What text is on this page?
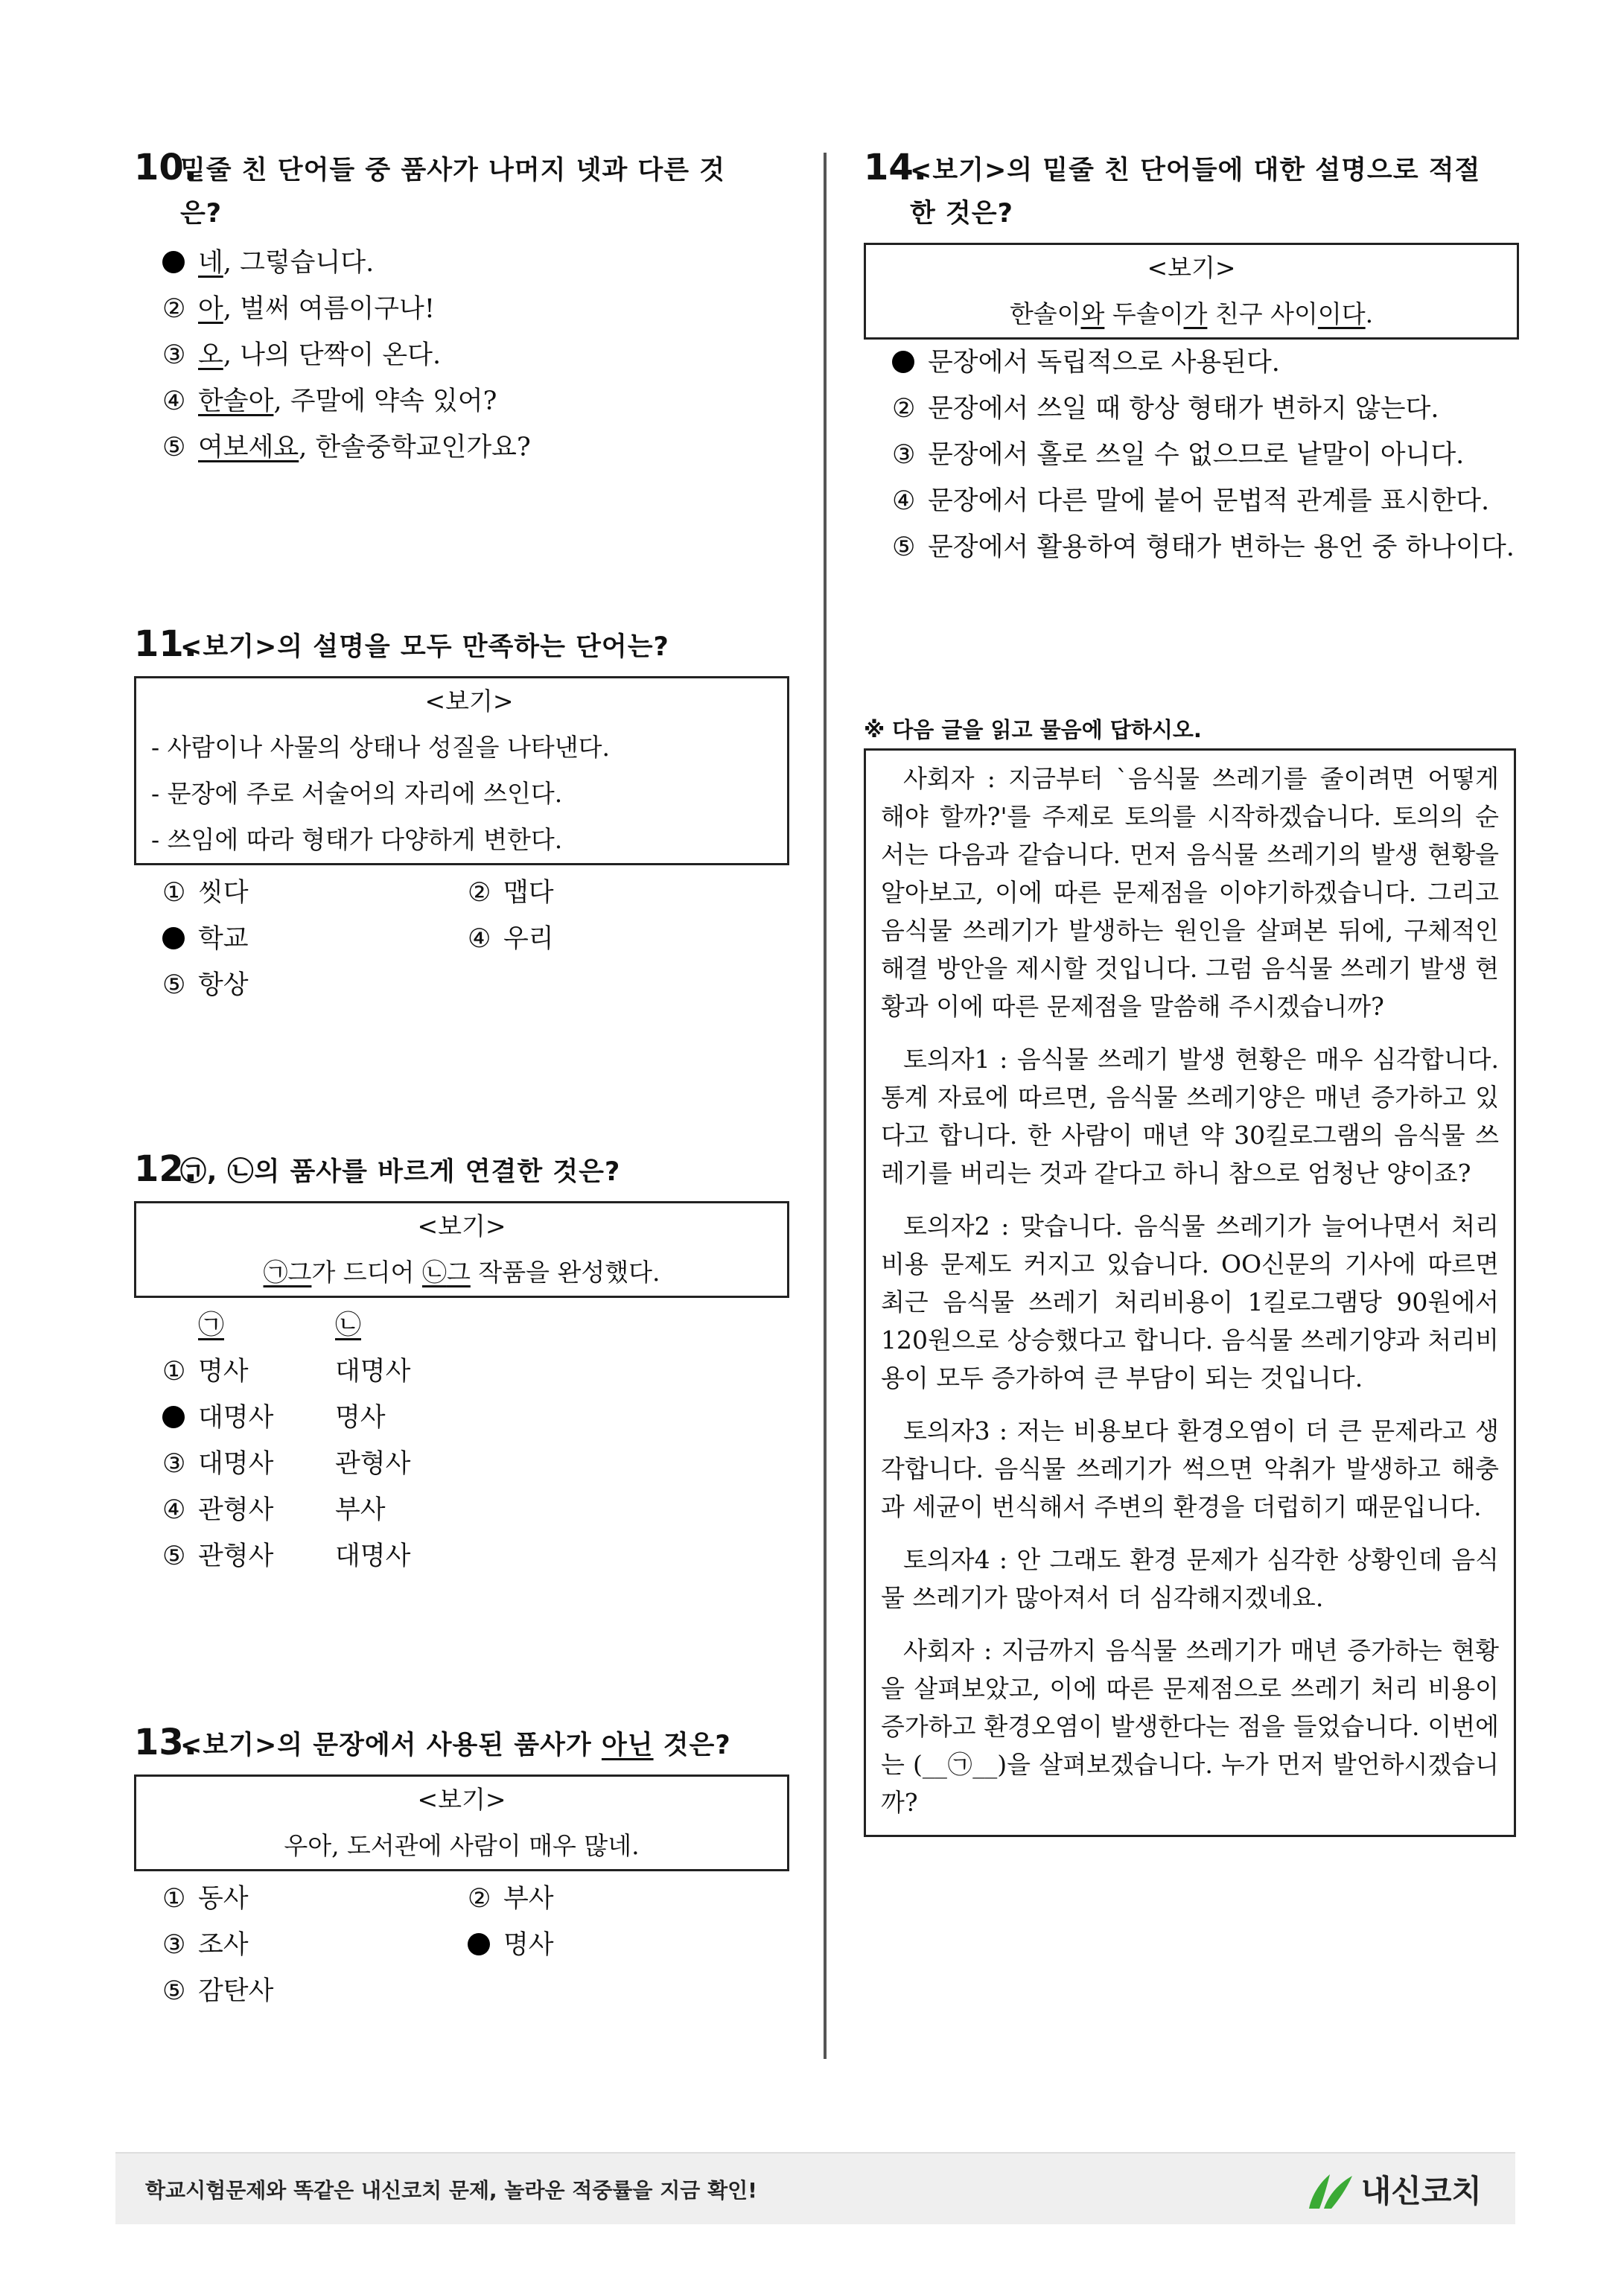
10.
밑줄 친 단어들 중 품사가 나머지 넷과 다른 것
은?
네, 그렇습니다.
② 아, 벌써 여름이구나!
③ 오, 나의 단짝이 온다.
④ 한솔아, 주말에 약속 있어?
⑤ 여보세요, 한솔중학교인가요?
11.
<보기>의 설명을 모두 만족하는 단어는?
<보기>
- 사람이나 사물의 상태나 성질을 나타낸다.
- 문장에 주로 서술어의 자리에 쓰인다.
- 쓰임에 따라 형태가 다양하게 변한다.
① 씻다	② 맵다
학교	④ 우리
⑤ 항상
12.
㉠, ㉡의 품사를 바르게 연결한 것은?
<보기>
㉠그가 드디어 ㉡그 작품을 완성했다.
㉠	㉡
① 명사	대명사
대명사	명사
③ 대명사	관형사
④ 관형사	부사
⑤ 관형사	대명사
13.
<보기>의 문장에서 사용된 품사가 아닌 것은?
<보기>
우아, 도서관에 사람이 매우 많네.
① 동사	② 부사
③ 조사	명사
⑤ 감탄사
14.
<보기>의 밑줄 친 단어들에 대한 설명으로 적절
한 것은?
<보기>
한솔이와 두솔이가 친구 사이이다.
문장에서 독립적으로 사용된다.
② 문장에서 쓰일 때 항상 형태가 변하지 않는다.
③ 문장에서 홀로 쓰일 수 없으므로 낱말이 아니다.
④ 문장에서 다른 말에 붙어 문법적 관계를 표시한다.
⑤ 문장에서 활용하여 형태가 변하는 용언 중 하나이다.
※ 다음 글을 읽고 물음에 답하시오.

사회자 : 지금부터 `음식물 쓰레기를 줄이려면 어떻게 해야 할까?'를 주제로 토의를 시작하겠습니다. 토의의 순서는 다음과 같습니다. 먼저 음식물 쓰레기의 발생 현황을 알아보고, 이에 따른 문제점을 이야기하겠습니다. 그리고 음식물 쓰레기가 발생하는 원인을 살펴본 뒤에, 구체적인 해결 방안을 제시할 것입니다. 그럼 음식물 쓰레기 발생 현황과 이에 따른 문제점을 말씀해 주시겠습니까?

토의자1 : 음식물 쓰레기 발생 현황은 매우 심각합니다. 통계 자료에 따르면, 음식물 쓰레기양은 매년 증가하고 있다고 합니다. 한 사람이 매년 약 30킬로그램의 음식물 쓰레기를 버리는 것과 같다고 하니 참으로 엄청난 양이죠?

토의자2 : 맞습니다. 음식물 쓰레기가 늘어나면서 처리 비용 문제도 커지고 있습니다. OO신문의 기사에 따르면 최근 음식물 쓰레기 처리비용이 1킬로그램당 90원에서 120원으로 상승했다고 합니다. 음식물 쓰레기양과 처리비용이 모두 증가하여 큰 부담이 되는 것입니다.

토의자3 : 저는 비용보다 환경오염이 더 큰 문제라고 생각합니다. 음식물 쓰레기가 썩으면 악취가 발생하고 해충과 세균이 번식해서 주변의 환경을 더럽히기 때문입니다.

토의자4 : 안 그래도 환경 문제가 심각한 상황인데 음식물 쓰레기가 많아져서 더 심각해지겠네요.

사회자 : 지금까지 음식물 쓰레기가 매년 증가하는 현황을 살펴보았고, 이에 따른 문제점으로 쓰레기 처리 비용이 증가하고 환경오염이 발생한다는 점을 들었습니다. 이번에는 (__㉠__)을 살펴보겠습니다. 누가 먼저 발언하시겠습니까?

학교시험문제와 똑같은 내신코치 문제, 놀라운 적중률을 지금 확인!	내신코치
